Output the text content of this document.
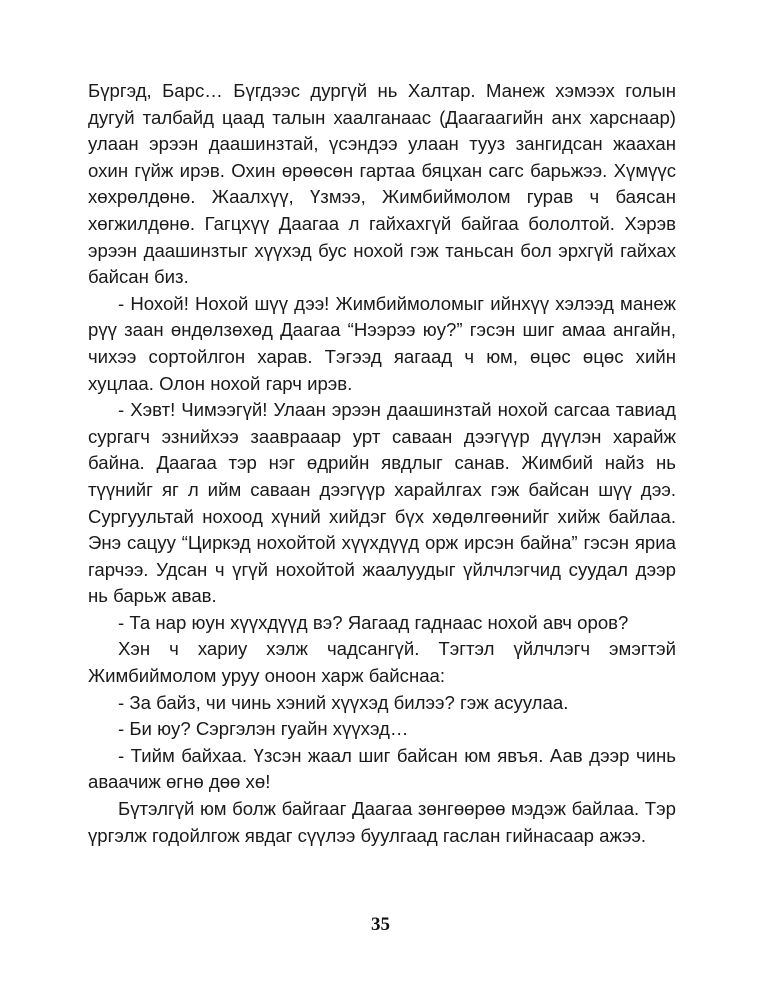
Бүргэд, Барс… Бүгдээс дургүй нь Халтар. Манеж хэмээх голын дугуй талбайд цаад талын хаалганаас (Даагаагийн анх харснаар) улаан эрээн даашинзтай, үсэндээ улаан тууз зангидсан жаахан охин гүйж ирэв. Охин өрөөсөн гартаа бяцхан сагс барьжээ. Хүмүүс хөхрөлдөнө. Жаалхүү, Үзмээ, Жимбиймолом гурав ч баясан хөгжилдөнө. Гагцхүү Даагаа л гайхахгүй байгаа бололтой. Хэрэв эрээн даашинзтыг хүүхэд бус нохой гэж таньсан бол эрхгүй гайхах байсан биз.

- Нохой! Нохой шүү дээ! Жимбиймоломыг ийнхүү хэлээд манеж рүү заан өндөлзөхөд Даагаа “Нээрээ юу?” гэсэн шиг амаа ангайн, чихээ сортойлгон харав. Тэгээд яагаад ч юм, өцөс өцөс хийн хуцлаа. Олон нохой гарч ирэв.

- Хэвт! Чимээгүй! Улаан эрээн даашинзтай нохой сагсаа тавиад сургагч эзнийхээ зааврааар урт саваан дээгүүр дүүлэн харайж байна. Даагаа тэр нэг өдрийн явдлыг санав. Жимбий найз нь түүнийг яг л ийм саваан дээгүүр харайлгах гэж байсан шүү дээ. Сургуультай нохоод хүний хийдэг бүх хөдөлгөөнийг хийж байлаа. Энэ сацуу “Циркэд нохойтой хүүхдүүд орж ирсэн байна” гэсэн яриа гарчээ. Удсан ч үгүй нохойтой жаалуудыг үйлчлэгчид суудал дээр нь барьж авав.

- Та нар юун хүүхдүүд вэ? Яагаад гаднаас нохой авч оров?

Хэн ч хариу хэлж чадсангүй. Тэгтэл үйлчлэгч эмэгтэй Жимбиймолом уруу оноон харж байснаа:

- За байз, чи чинь хэний хүүхэд билээ? гэж асуулаа.

- Би юу? Сэргэлэн гуайн хүүхэд…

- Тийм байхаа. Үзсэн жаал шиг байсан юм явъя. Аав дээр чинь аваачиж өгнө дөө хө!

Бүтэлгүй юм болж байгааг Даагаа зөнгөөрөө мэдэж байлаа. Тэр үргэлж годойлгож явдаг сүүлээ буулгаад гаслан гийнасаар ажээ.

35
